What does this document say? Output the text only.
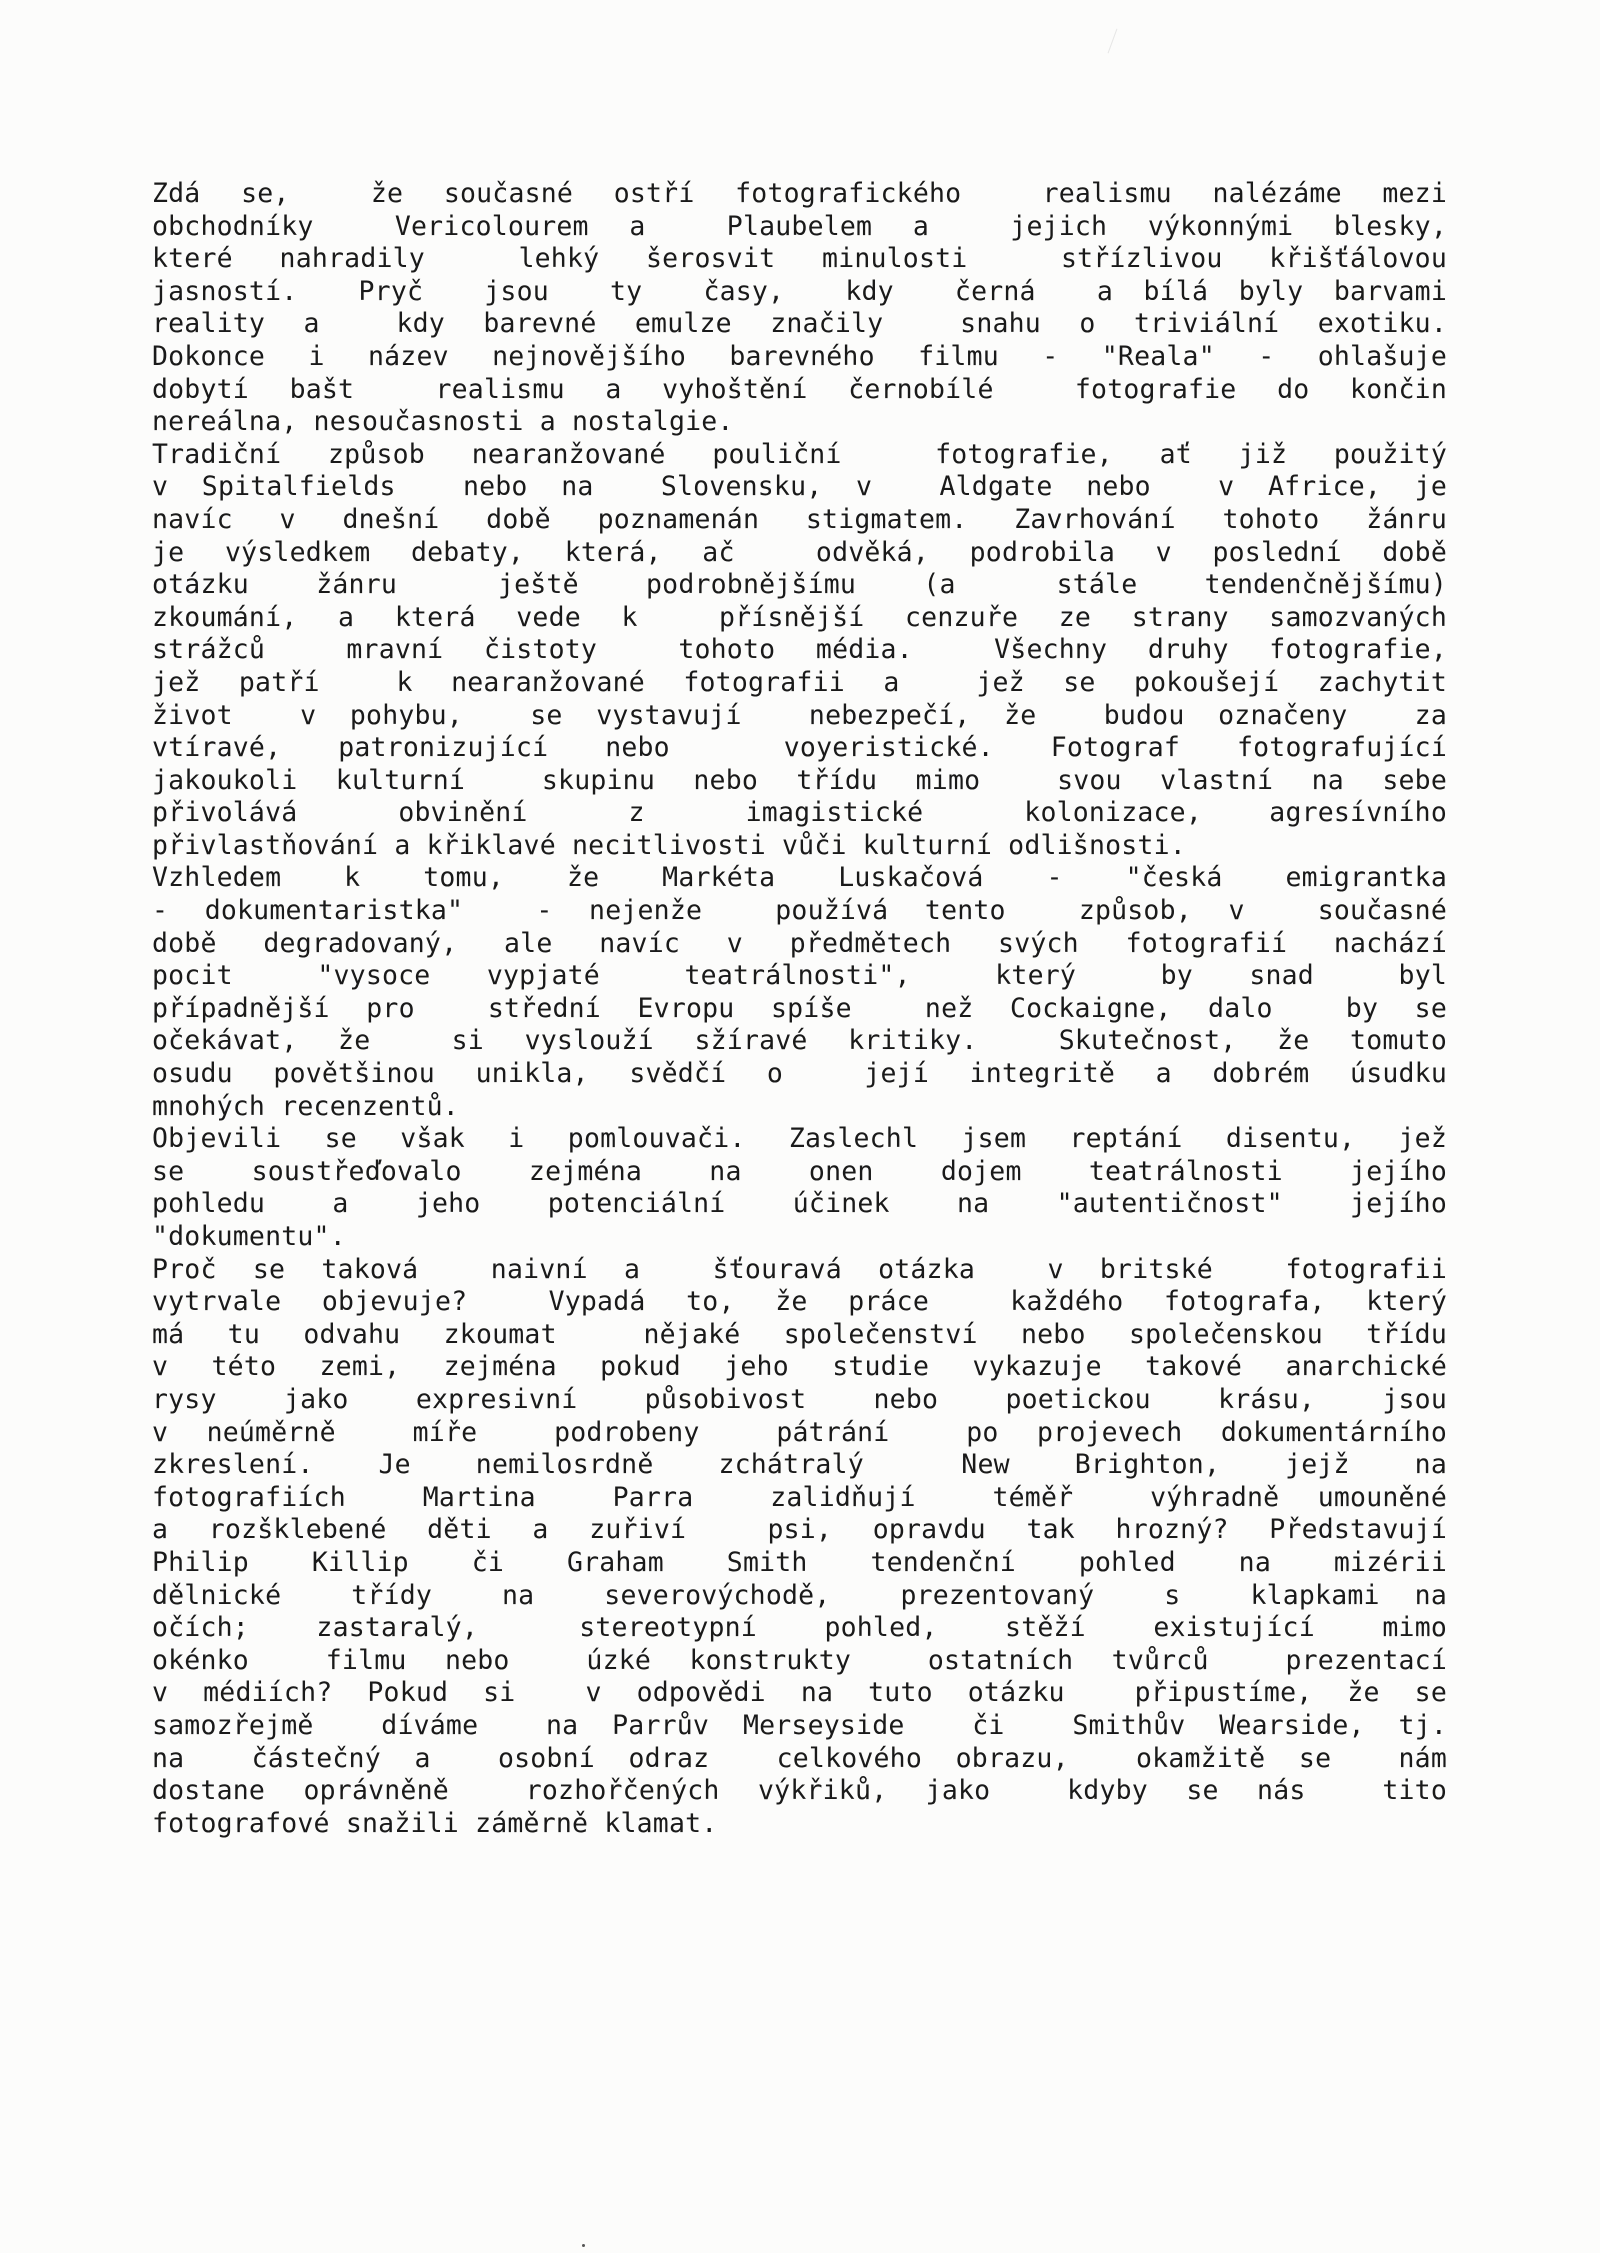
Zdá se,  že současné ostří fotografického  realismu nalézáme mezi
obchodníky  Vericolourem a  Plaubelem a  jejich výkonnými blesky,
které nahradily  lehký šerosvit minulosti  střízlivou křišťálovou
jasností.  Pryč  jsou  ty  časy,  kdy  černá  a bílá byly barvami
reality a  kdy barevné emulze značily  snahu o triviální exotiku.
Dokonce i název nejnovějšího barevného filmu - "Reala" - ohlašuje
dobytí bašt  realismu a vyhoštění černobílé  fotografie do končin
nereálna, nesoučasnosti a nostalgie.
Tradiční způsob nearanžované pouliční  fotografie, ať již použitý
v Spitalfields  nebo na  Slovensku, v  Aldgate nebo  v Africe, je
navíc v dnešní době poznamenán stigmatem. Zavrhování tohoto žánru
je výsledkem debaty, která, ač  odvěká, podrobila v poslední době
otázku  žánru   ještě  podrobnějšímu  (a   stále  tendenčnějšímu)
zkoumání, a která vede k  přísnější cenzuře ze strany samozvaných
strážců  mravní čistoty  tohoto média.  Všechny druhy fotografie,
jež patří  k nearanžované fotografii a  jež se pokoušejí zachytit
život  v pohybu,  se vystavují  nebezpečí, že  budou označeny  za
vtíravé, patronizující nebo  voyeristické. Fotograf fotografující
jakoukoli kulturní  skupinu nebo třídu mimo  svou vlastní na sebe
přivolává   obvinění   z   imagistické   kolonizace,  agresívního
přivlastňování a křiklavé necitlivosti vůči kulturní odlišnosti.
Vzhledem  k  tomu,  že  Markéta  Luskačová  -  "česká  emigrantka
- dokumentaristka"  - nejenže  používá tento  způsob, v  současné
době degradovaný, ale navíc v předmětech svých fotografií nachází
pocit   "vysoce  vypjaté   teatrálnosti",   který   by  snad   byl
případnější pro  střední Evropu spíše  než Cockaigne, dalo  by se
očekávat, že  si vyslouží sžíravé kritiky.  Skutečnost, že tomuto
osudu povětšinou unikla, svědčí o  její integritě a dobrém úsudku
mnohých recenzentů.
Objevili se však i pomlouvači. Zaslechl jsem reptání disentu, jež
se  soustřeďovalo  zejména  na  onen  dojem  teatrálnosti  jejího
pohledu  a  jeho  potenciální  účinek  na  "autentičnost"  jejího
"dokumentu".
Proč se taková  naivní a  šťouravá otázka  v britské  fotografii
vytrvale objevuje?  Vypadá to, že práce  každého fotografa, který
má tu odvahu zkoumat  nějaké společenství nebo společenskou třídu
v této zemi, zejména pokud jeho studie vykazuje takové anarchické
rysy  jako  expresivní  působivost  nebo  poetickou  krásu,  jsou
v neúměrně  míře  podrobeny  pátrání  po projevech dokumentárního
zkreslení.  Je  nemilosrdně  zchátralý   New  Brighton,  jejž  na
fotografiích  Martina  Parra  zalidňují  téměř  výhradně umouněné
a rozšklebené děti a zuřiví  psi, opravdu tak hrozný? Představují
Philip  Killip  či  Graham  Smith  tendenční  pohled  na  mizérii
dělnické  třídy  na  severovýchodě,  prezentovaný  s  klapkami na
očích;  zastaralý,   stereotypní  pohled,  stěží  existující  mimo
okénko  filmu nebo  úzké konstrukty  ostatních tvůrců  prezentací
v médiích? Pokud si  v odpovědi na tuto otázku  připustíme, že se
samozřejmě  díváme  na Parrův Merseyside  či  Smithův Wearside, tj.
na  částečný a  osobní odraz  celkového obrazu,  okamžitě se  nám
dostane oprávněně  rozhořčených výkřiků, jako  kdyby se nás  tito
fotografové snažili záměrně klamat.
